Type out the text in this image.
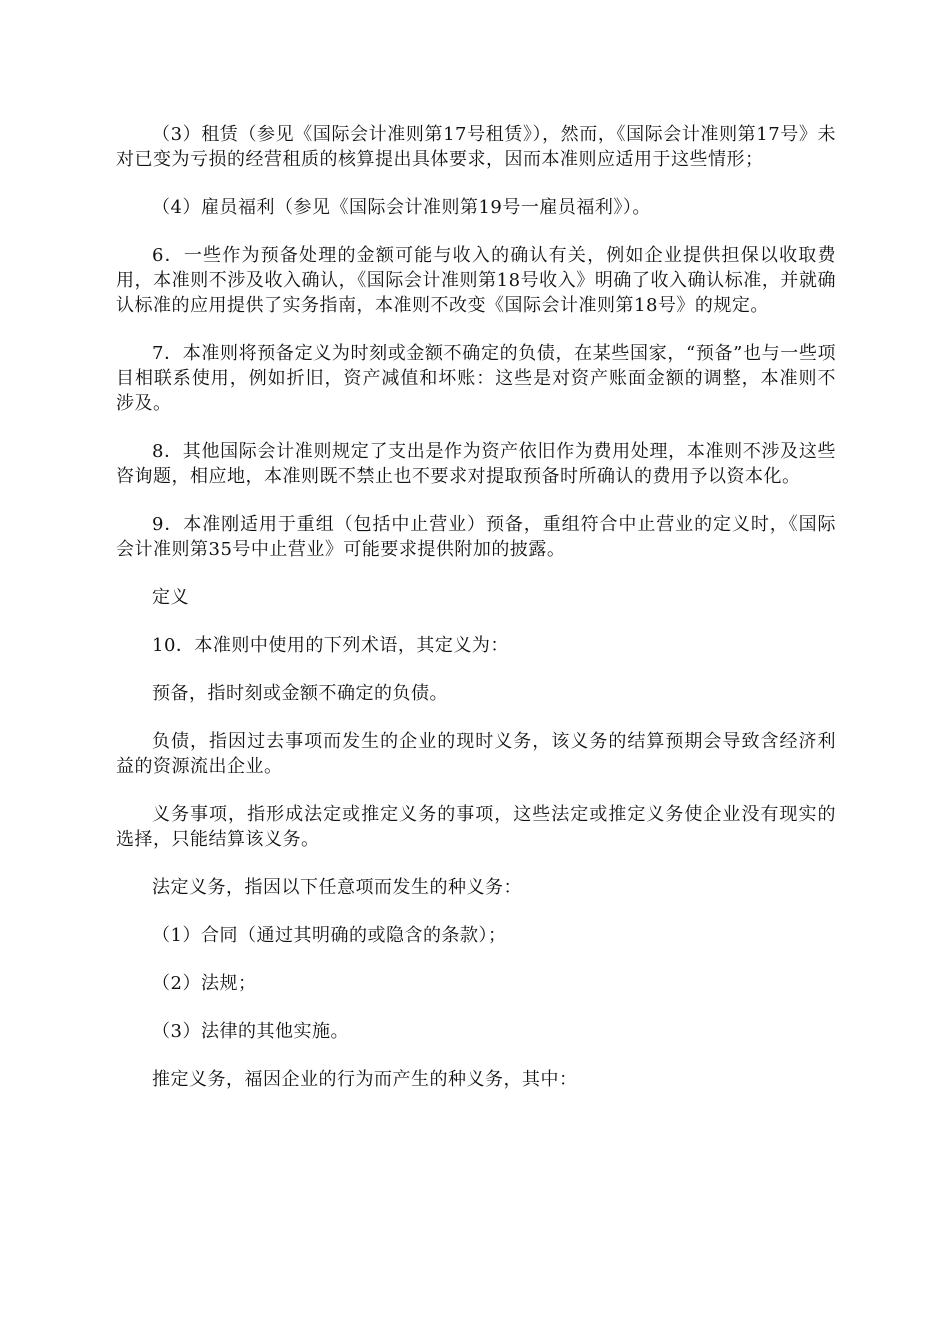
（3）租赁（参见《国际会计准则第17号租赁》），然而，《国际会计准则第17号》未对已变为亏损的经营租质的核算提出具体要求，因而本准则应适用于这些情形；

（4）雇员福利（参见《国际会计准则第19号一雇员福利》）。

6．一些作为预备处理的金额可能与收入的确认有关，例如企业提供担保以收取费用，本准则不涉及收入确认，《国际会计准则第18号收入》明确了收入确认标准，并就确认标准的应用提供了实务指南，本准则不改变《国际会计准则第18号》的规定。

7．本准则将预备定义为时刻或金额不确定的负债，在某些国家，“预备”也与一些项目相联系使用，例如折旧，资产减值和坏账：这些是对资产账面金额的调整，本准则不涉及。

8．其他国际会计准则规定了支出是作为资产依旧作为费用处理，本准则不涉及这些咨询题，相应地，本准则既不禁止也不要求对提取预备时所确认的费用予以资本化。

9．本准刚适用于重组（包括中止营业）预备，重组符合中止营业的定义时，《国际会计准则第35号中止营业》可能要求提供附加的披露。

定义

10．本准则中使用的下列术语，其定义为：

预备，指时刻或金额不确定的负债。

负债，指因过去事项而发生的企业的现时义务，该义务的结算预期会导致含经济利益的资源流出企业。

义务事项，指形成法定或推定义务的事项，这些法定或推定义务使企业没有现实的选择，只能结算该义务。

法定义务，指因以下任意项而发生的种义务：

（1）合同（通过其明确的或隐含的条款）；

（2）法规；

（3）法律的其他实施。

推定义务，福因企业的行为而产生的种义务，其中：
